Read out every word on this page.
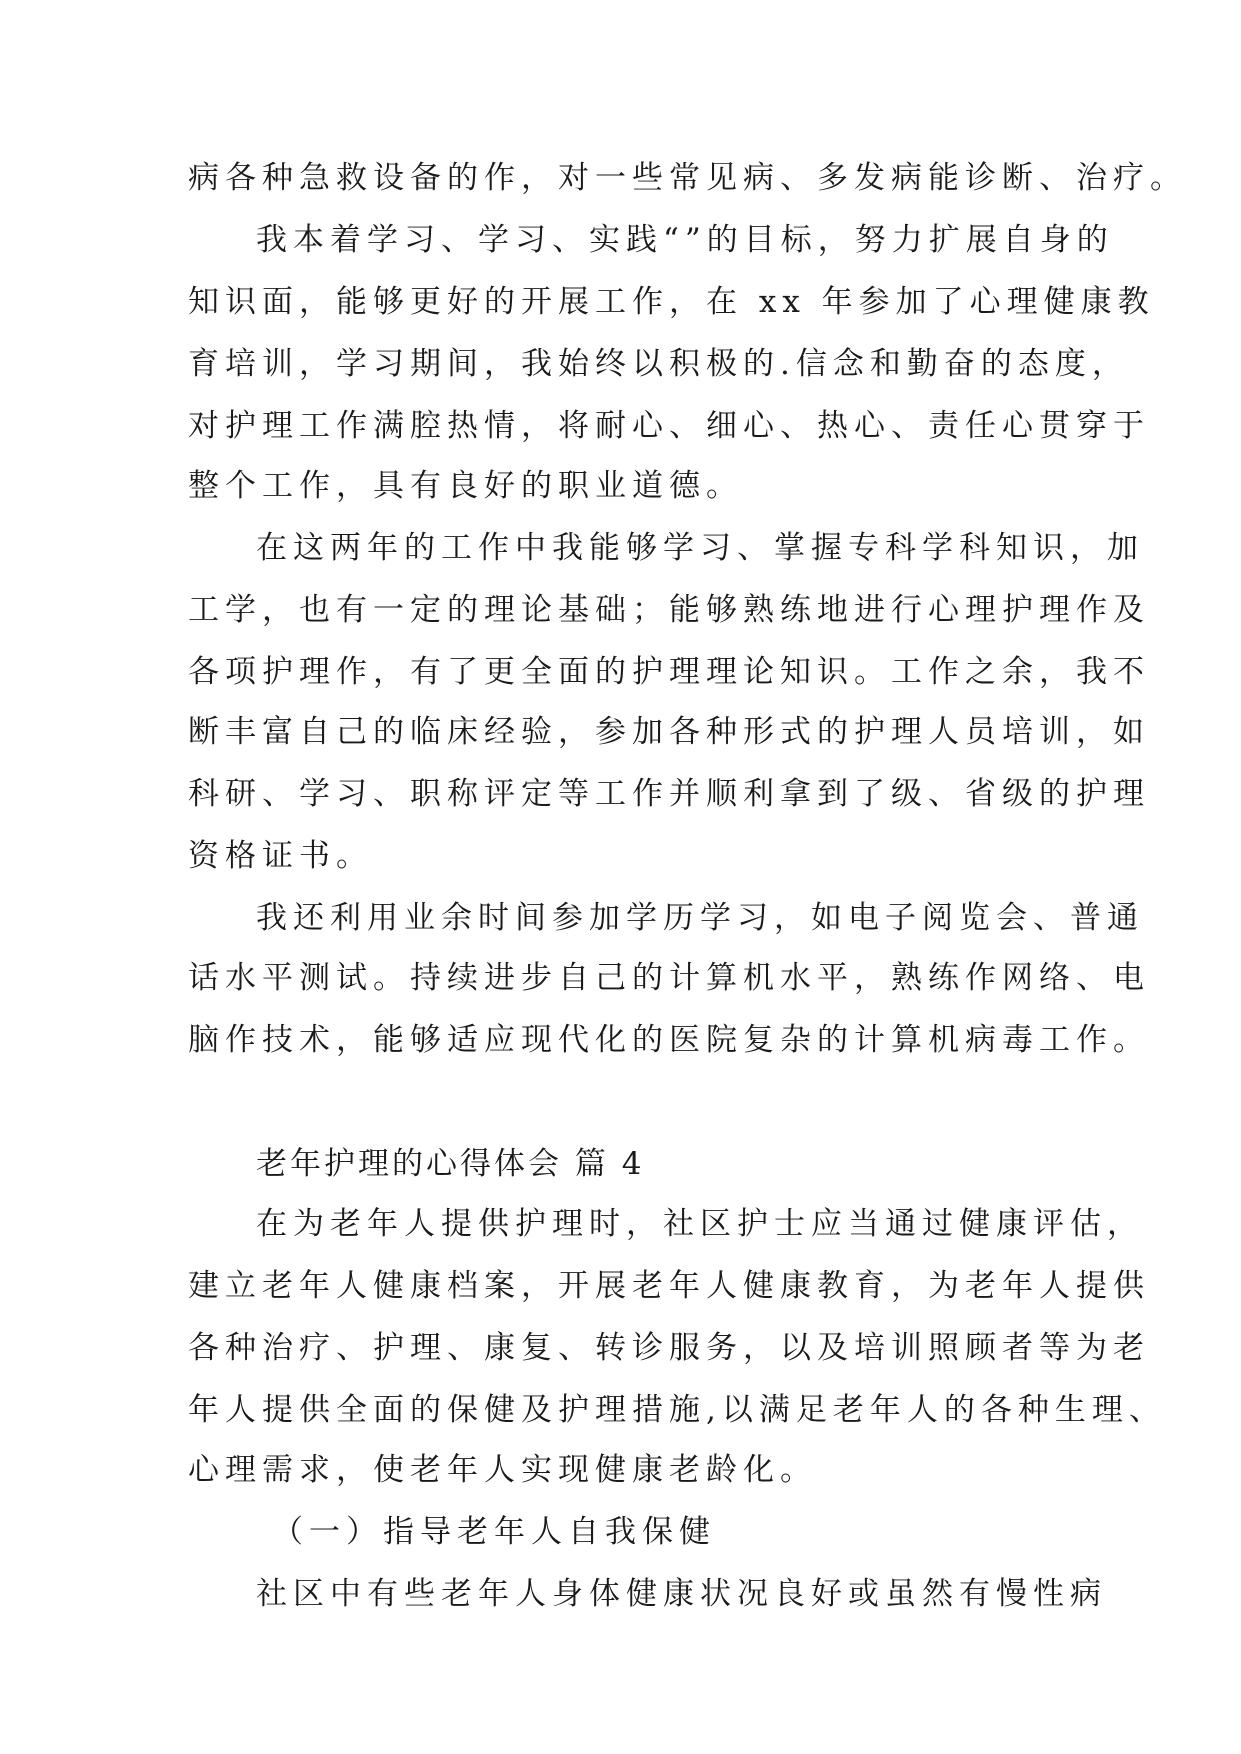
病各种急救设备的作，对一些常见病、多发病能诊断、治疗。

我本着学习、学习、实践“”的目标，努力扩展自身的

知识面，能够更好的开展工作，在 xx 年参加了心理健康教

育培训，学习期间，我始终以积极的.信念和勤奋的态度，

对护理工作满腔热情，将耐心、细心、热心、责任心贯穿于

整个工作，具有良好的职业道德。

在这两年的工作中我能够学习、掌握专科学科知识，加

工学，也有一定的理论基础；能够熟练地进行心理护理作及

各项护理作，有了更全面的护理理论知识。工作之余，我不

断丰富自己的临床经验，参加各种形式的护理人员培训，如

科研、学习、职称评定等工作并顺利拿到了级、省级的护理

资格证书。

我还利用业余时间参加学历学习，如电子阅览会、普通

话水平测试。持续进步自己的计算机水平，熟练作网络、电

脑作技术，能够适应现代化的医院复杂的计算机病毒工作。

老年护理的心得体会 篇 4

在为老年人提供护理时，社区护士应当通过健康评估，

建立老年人健康档案，开展老年人健康教育，为老年人提供

各种治疗、护理、康复、转诊服务，以及培训照顾者等为老

年人提供全面的保健及护理措施,以满足老年人的各种生理、

心理需求，使老年人实现健康老龄化。

（一）指导老年人自我保健

社区中有些老年人身体健康状况良好或虽然有慢性病
